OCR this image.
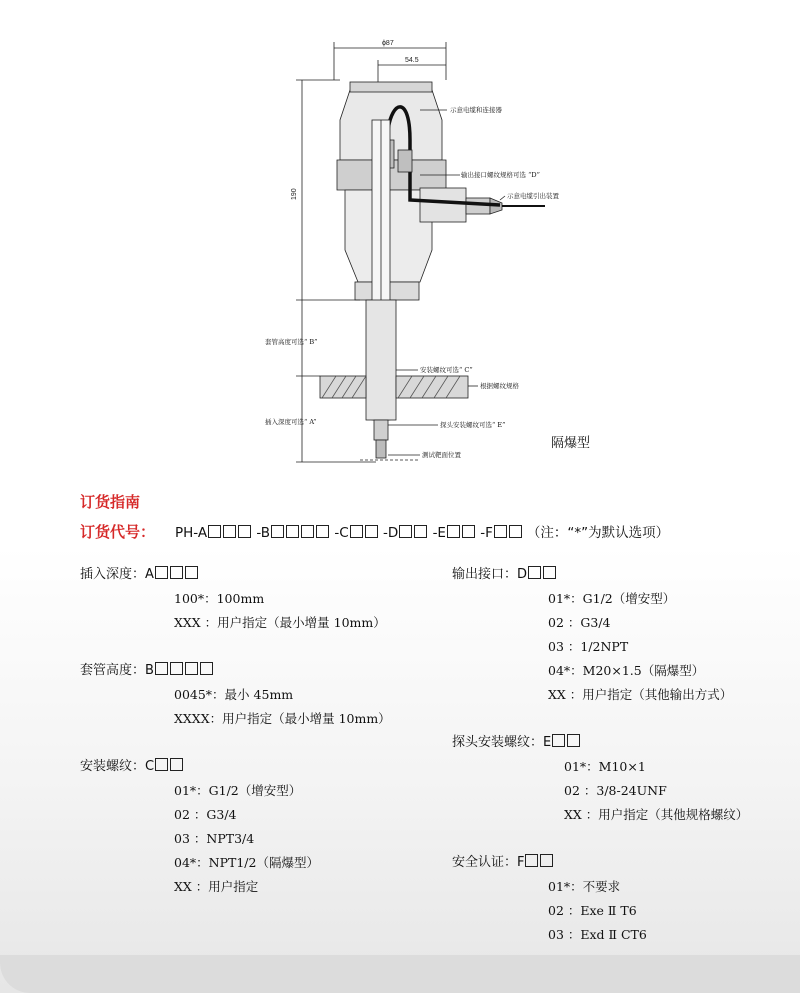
ϕ87
54.5
190
示意电缆和连接器
输出接口螺纹规格可选 “D”
示意电缆引出装置
套管高度可选“ B”
安装螺纹可选“ C”
根据螺纹规格
探头安装螺纹可选“ E”
插入深度可选“ A”
测试靶面位置
隔爆型
订货指南
订货代号： PH-A	-B	-C	-D	-E	-F	（注：“*”为默认选项）
插入深度：A
100*：100mm
XXX ：用户指定（最小增量 10mm）
套管高度：B
0045*：最小 45mm
XXXX：用户指定（最小增量 10mm）
安装螺纹：C
01*：G1/2（增安型）
02 ：G3/4
03 ：NPT3/4
04*：NPT1/2（隔爆型）
XX ：用户指定
输出接口：D
01*：G1/2（增安型）
02 ：G3/4
03 ：1/2NPT
04*：M20×1.5（隔爆型）
XX ：用户指定（其他输出方式）
探头安装螺纹：E
01*：M10×1
02 ：3/8-24UNF
XX ：用户指定（其他规格螺纹）
安全认证：F
01*：不要求
02 ：Exe Ⅱ T6
03 ：Exd Ⅱ CT6
